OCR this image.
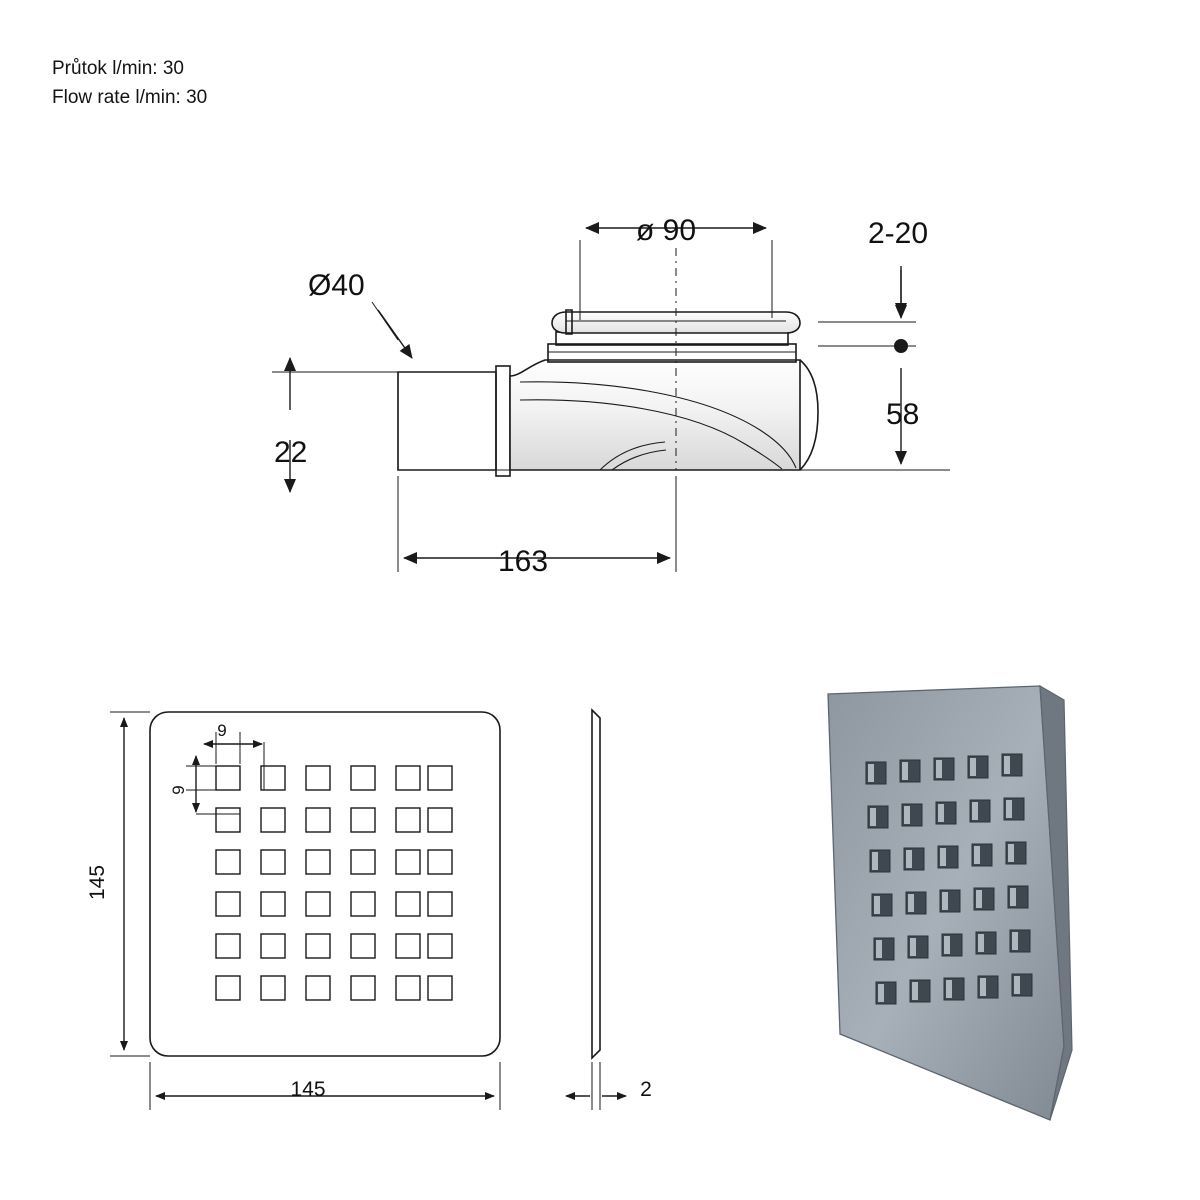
Průtok l/min: 30
Flow rate l/min: 30
ø 90	2-20
58
22
Ø40
163
145
145
9
9
2
